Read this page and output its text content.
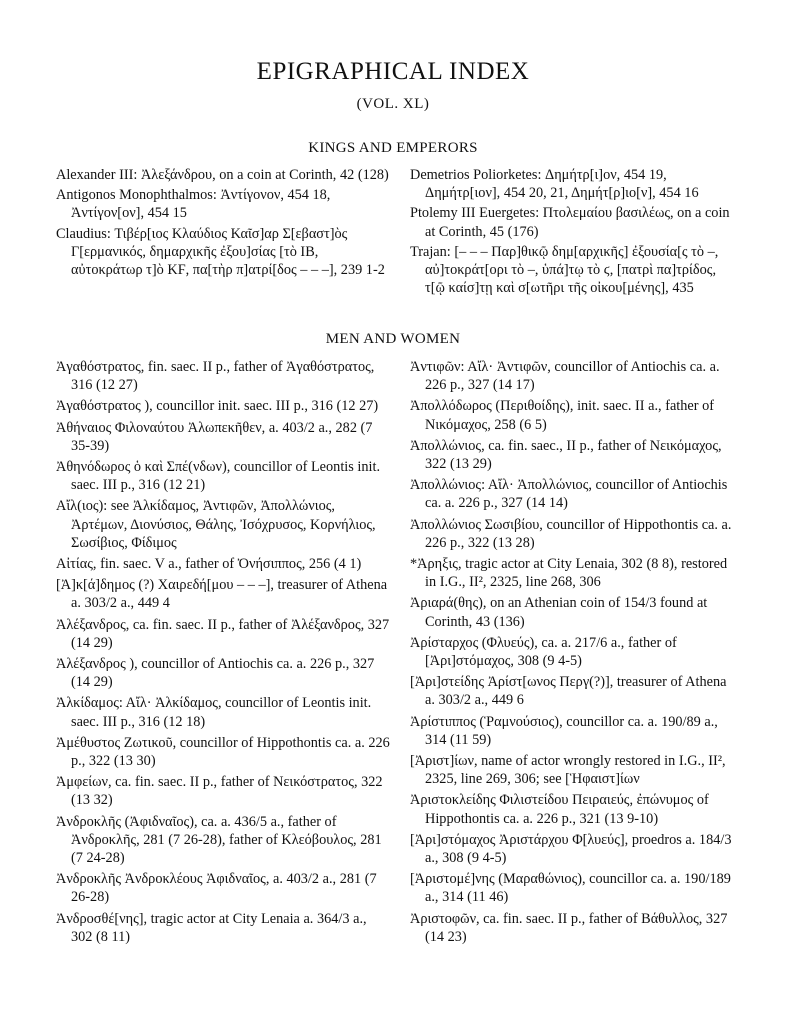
EPIGRAPHICAL INDEX
(VOL. XL)
KINGS AND EMPERORS

Alexander III: Ἀλεξάνδρου, on a coin at Corinth, 42 (128)

Antigonos Monophthalmos: Ἀντίγονον, 454 18, Ἀντίγον[ον], 454 15

Claudius: Τιβέρ[ιος Κλαύδιος Καῖσ]αρ Σ[εβαστ]ὸς Γ[ερμανικός, δημαρχικῆς ἐξου]σίας [τὸ ΙΒ, αὐτοκράτωρ τ]ὸ ΚϜ, πα[τὴρ π]ατρί[δος – – –], 239 1-2

Demetrios Poliorketes: Δημήτρ[ι]ον, 454 19, Δημήτρ[ιον], 454 20, 21, Δημήτ[ρ]ιο[ν], 454 16

Ptolemy III Euergetes: Πτολεμαίου βασιλέως, on a coin at Corinth, 45 (176)

Trajan: [– – – Παρ]θικῷ δημ[αρχικῆς] ἐξουσία[ς τὸ –, αὐ]τοκράτ[ορι τὸ –, ὑπά]τῳ τὸ ϛ, [πατρὶ πα]τρίδος, τ[ῷ καίσ]τῃ καὶ σ[ωτῆρι τῆς οἰκου[μένης], 435

MEN AND WOMEN

Ἀγαθόστρατος, fin. saec. II p., father of Ἀγαθόστρατος, 316 (12 27)

Ἀγαθόστρατος ), councillor init. saec. III p., 316 (12 27)

Ἀθήναιος Φιλοναύτου Ἀλωπεκῆθεν, a. 403/2 a., 282 (7 35-39)

Ἀθηνόδωρος ὁ καὶ Σπέ(νδων), councillor of Leontis init. saec. III p., 316 (12 21)

Αἴλ(ιος): see Ἀλκίδαμος, Ἀντιφῶν, Ἀπολλώνιος, Ἀρτέμων, Διονύσιος, Θάλης, Ἰσόχρυσος, Κορνήλιος, Σωσίβιος, Φίδιμος

Αἰτίας, fin. saec. V a., father of Ὀνήσιππος, 256 (4 1)

[Ἀ]κ[ά]δημος (?) Χαιρεδή[μου – – –], treasurer of Athena a. 303/2 a., 449 4

Ἀλέξανδρος, ca. fin. saec. II p., father of Ἀλέξανδρος, 327 (14 29)

Ἀλέξανδρος ), councillor of Antiochis ca. a. 226 p., 327 (14 29)

Ἀλκίδαμος: Αἴλ· Ἀλκίδαμος, councillor of Leontis init. saec. III p., 316 (12 18)

Ἀμέθυστος Ζωτικοῦ, councillor of Hippothontis ca. a. 226 p., 322 (13 30)

Ἀμφείων, ca. fin. saec. II p., father of Νεικόστρατος, 322 (13 32)

Ἀνδροκλῆς (Ἀφιδναῖος), ca. a. 436/5 a., father of Ἀνδροκλῆς, 281 (7 26-28), father of Κλεόβουλος, 281 (7 24-28)

Ἀνδροκλῆς Ἀνδροκλέους Ἀφιδναῖος, a. 403/2 a., 281 (7 26-28)

Ἀνδροσθέ[νης], tragic actor at City Lenaia a. 364/3 a., 302 (8 11)

Ἀντιφῶν: Αἴλ· Ἀντιφῶν, councillor of Antiochis ca. a. 226 p., 327 (14 17)

Ἀπολλόδωρος (Περιθοίδης), init. saec. II a., father of Νικόμαχος, 258 (6 5)

Ἀπολλώνιος, ca. fin. saec., II p., father of Νεικόμαχος, 322 (13 29)

Ἀπολλώνιος: Αἴλ· Ἀπολλώνιος, councillor of Antiochis ca. a. 226 p., 327 (14 14)

Ἀπολλώνιος Σωσιβίου, councillor of Hippothontis ca. a. 226 p., 322 (13 28)

*Ἀρηξις, tragic actor at City Lenaia, 302 (8 8), restored in I.G., II², 2325, line 268, 306

Ἀριαρά(θης), on an Athenian coin of 154/3 found at Corinth, 43 (136)

Ἀρίσταρχος (Φλυεύς), ca. a. 217/6 a., father of [Ἀρι]στόμαχος, 308 (9 4-5)

[Ἀρι]στείδης Ἀρίστ[ωνος Περγ(?)], treasurer of Athena a. 303/2 a., 449 6

Ἀρίστιππος (Ῥαμνούσιος), councillor ca. a. 190/89 a., 314 (11 59)

[Ἀριστ]ίων, name of actor wrongly restored in I.G., II², 2325, line 269, 306; see [Ἡφαιστ]ίων

Ἀριστοκλείδης Φιλιστείδου Πειραιεύς, ἐπώνυμος of Hippothontis ca. a. 226 p., 321 (13 9-10)

[Ἀρι]στόμαχος Ἀριστάρχου Φ[λυεύς], proedros a. 184/3 a., 308 (9 4-5)

[Ἀριστομέ]νης (Μαραθώνιος), councillor ca. a. 190/189 a., 314 (11 46)

Ἀριστοφῶν, ca. fin. saec. II p., father of Βάθυλλος, 327 (14 23)
